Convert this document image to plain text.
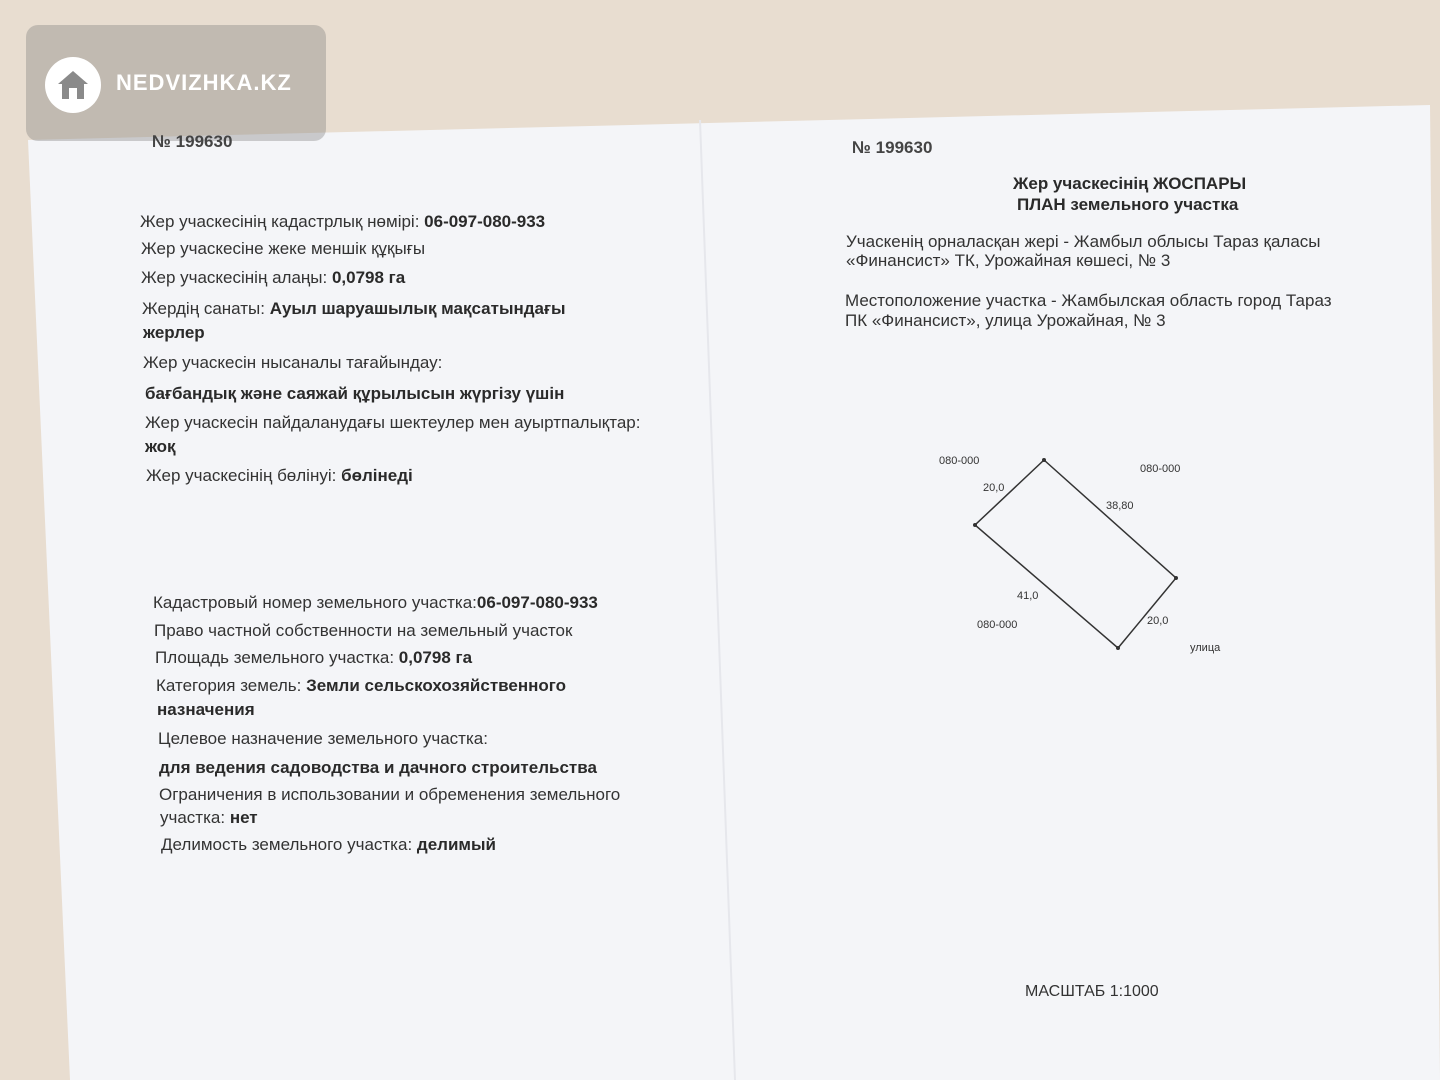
NEDVIZHKA.KZ
№ 199630
Жер учаскесінің кадастрлық нөмірі: 06-097-080-933
Жер учаскесіне жеке меншік құқығы
Жер учаскесінің алаңы: 0,0798 га
Жердің санаты: Ауыл шаруашылық мақсатындағы
жерлер
Жер учаскесін нысаналы тағайындау:
бағбандық және саяжай құрылысын жүргізу үшін
Жер учаскесін пайдаланудағы шектеулер мен ауыртпалықтар:
жоқ
Жер учаскесінің бөлінуі: бөлінеді
Кадастровый номер земельного участка:06-097-080-933
Право частной собственности на земельный участок
Площадь земельного участка: 0,0798 га
Категория земель: Земли сельскохозяйственного
назначения
Целевое назначение земельного участка:
для ведения садоводства и дачного строительства
Ограничения в использовании и обременения земельного
участка: нет
Делимость земельного участка: делимый
№ 199630
Жер учаскесінің ЖОСПАРЫ
ПЛАН земельного участка
Учаскенің орналасқан жері - Жамбыл облысы Тараз қаласы
«Финансист» ТК, Урожайная көшесі, № 3
Местоположение участка - Жамбылская область город Тараз
ПК «Финансист», улица Урожайная, № 3
080-000
080-000
080-000
20,0
38,80
41,0
20,0
улица
МАСШТАБ 1:1000
